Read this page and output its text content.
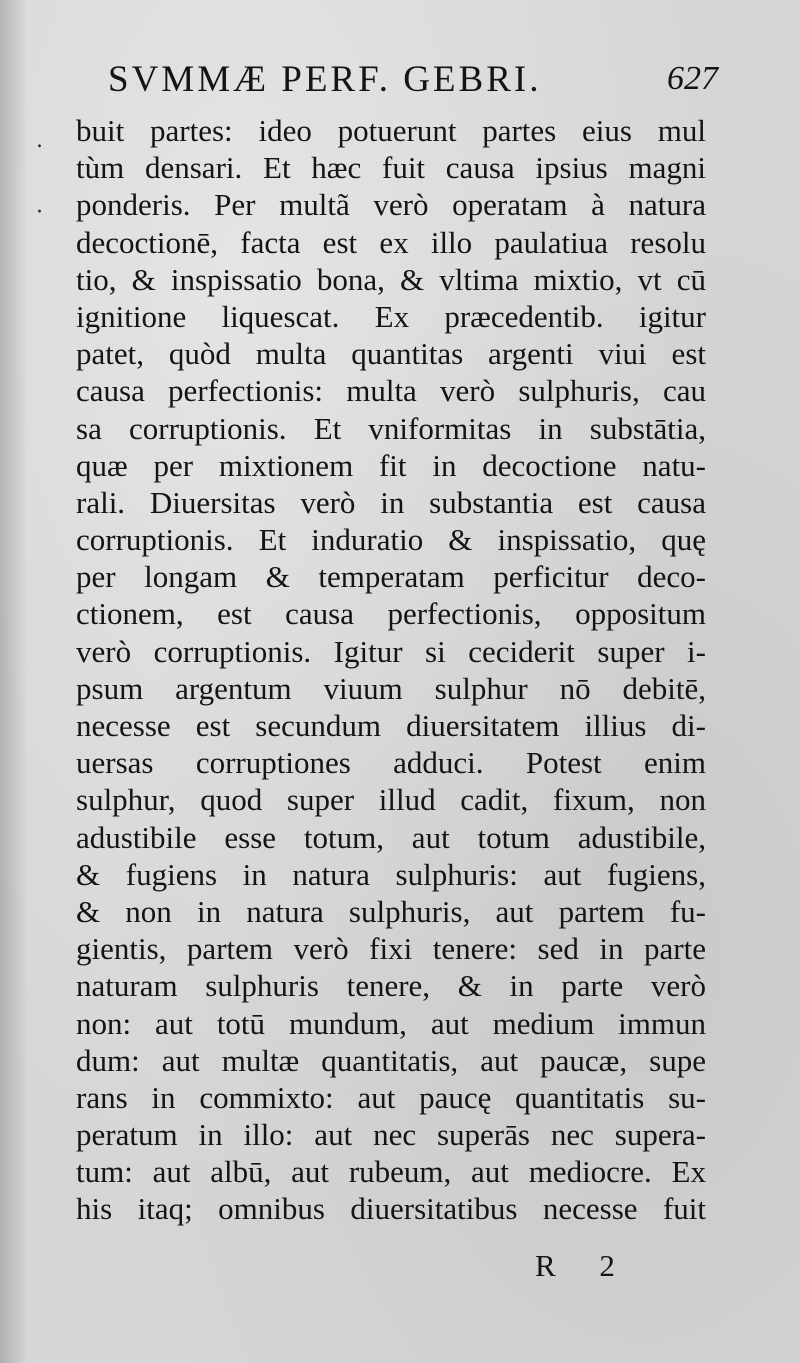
.
·
SVMMÆ PERF. GEBRI.	627
buit partes: ideo potuerunt partes eius mul
tùm densari. Et hæc fuit causa ipsius magni
ponderis. Per multã verò operatam à natura
decoctionē, facta est ex illo paulatiua resolu
tio, & inspissatio bona, & vltima mixtio, vt cū
ignitione liquescat. Ex præcedentib. igitur
patet, quòd multa quantitas argenti viui est
causa perfectionis: multa verò sulphuris, cau
sa corruptionis. Et vniformitas in substātia,
quæ per mixtionem fit in decoctione natu-
rali. Diuersitas verò in substantia est causa
corruptionis. Et induratio & inspissatio, quę
per longam & temperatam perficitur deco-
ctionem, est causa perfectionis, oppositum
verò corruptionis. Igitur si ceciderit super i-
psum argentum viuum sulphur nō debitē,
necesse est secundum diuersitatem illius di-
uersas corruptiones adduci. Potest enim
sulphur, quod super illud cadit, fixum, non
adustibile esse totum, aut totum adustibile,
& fugiens in natura sulphuris: aut fugiens,
& non in natura sulphuris, aut partem fu-
gientis, partem verò fixi tenere: sed in parte
naturam sulphuris tenere, & in parte verò
non: aut totū mundum, aut medium immun
dum: aut multæ quantitatis, aut paucæ, supe
rans in commixto: aut paucę quantitatis su-
peratum in illo: aut nec superās nec supera-
tum: aut albū, aut rubeum, aut mediocre. Ex
his itaq; omnibus diuersitatibus necesse fuit
R 2
